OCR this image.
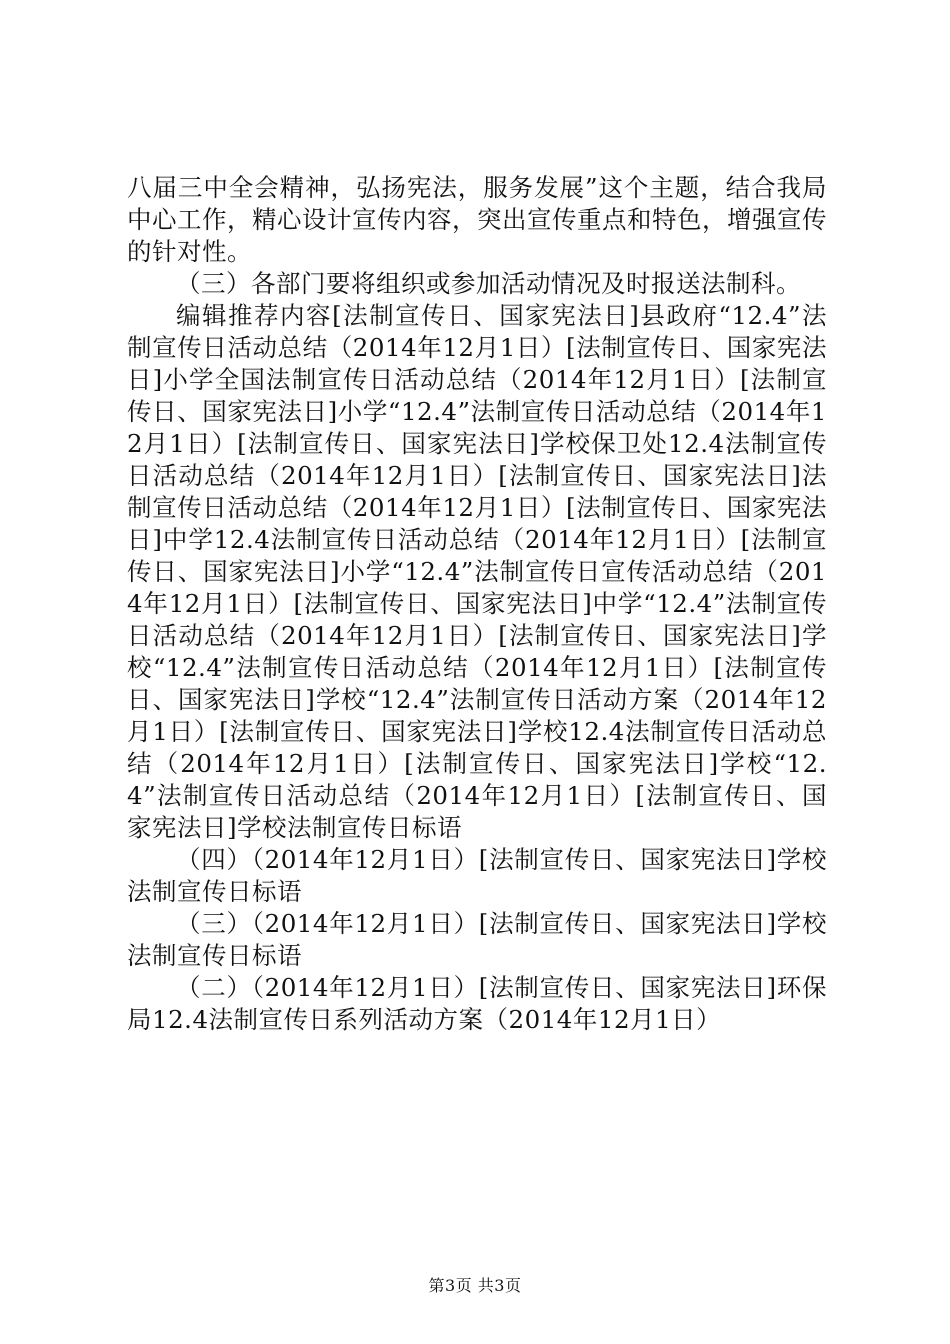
八届三中全会精神，弘扬宪法，服务发展”这个主题，结合我局中心工作，精心设计宣传内容，突出宣传重点和特色，增强宣传的针对性。

（三）各部门要将组织或参加活动情况及时报送法制科。

编辑推荐内容[法制宣传日、国家宪法日]县政府“12.4”法制宣传日活动总结（2014年12月1日）[法制宣传日、国家宪法日]小学全国法制宣传日活动总结（2014年12月1日）[法制宣传日、国家宪法日]小学“12.4”法制宣传日活动总结（2014年12月1日）[法制宣传日、国家宪法日]学校保卫处12.4法制宣传日活动总结（2014年12月1日）[法制宣传日、国家宪法日]法制宣传日活动总结（2014年12月1日）[法制宣传日、国家宪法日]中学12.4法制宣传日活动总结（2014年12月1日）[法制宣传日、国家宪法日]小学“12.4”法制宣传日宣传活动总结（2014年12月1日）[法制宣传日、国家宪法日]中学“12.4”法制宣传日活动总结（2014年12月1日）[法制宣传日、国家宪法日]学校“12.4”法制宣传日活动总结（2014年12月1日）[法制宣传日、国家宪法日]学校“12.4”法制宣传日活动方案（2014年12月1日）[法制宣传日、国家宪法日]学校12.4法制宣传日活动总结（2014年12月1日）[法制宣传日、国家宪法日]学校“12.4”法制宣传日活动总结（2014年12月1日）[法制宣传日、国家宪法日]学校法制宣传日标语

（四）（2014年12月1日）[法制宣传日、国家宪法日]学校法制宣传日标语

（三）（2014年12月1日）[法制宣传日、国家宪法日]学校法制宣传日标语

（二）（2014年12月1日）[法制宣传日、国家宪法日]环保局12.4法制宣传日系列活动方案（2014年12月1日）

第3页 共3页
